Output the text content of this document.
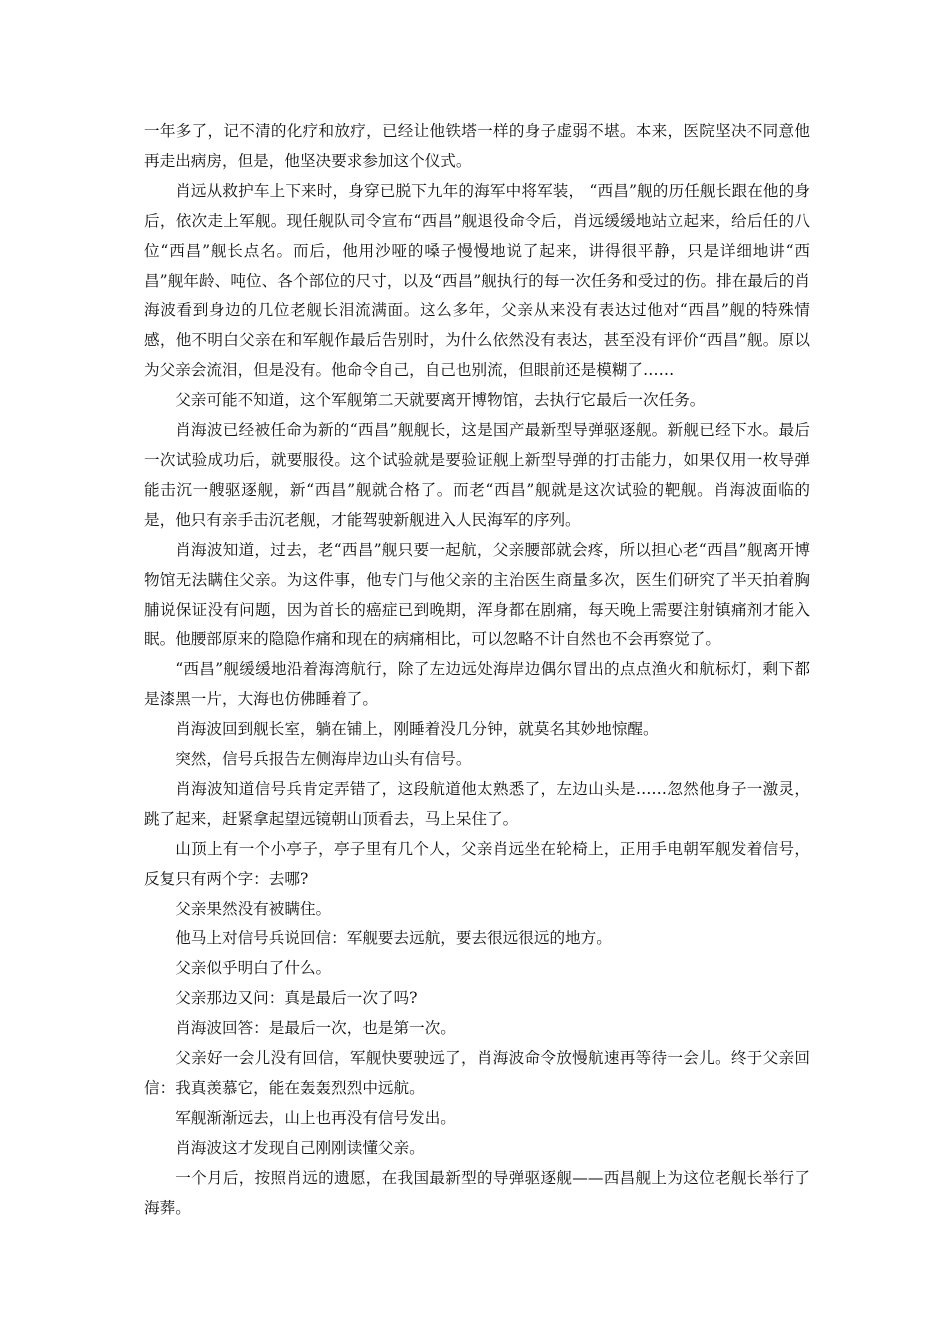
一年多了，记不清的化疗和放疗，已经让他铁塔一样的身子虚弱不堪。本来，医院坚决不同意他再走出病房，但是，他坚决要求参加这个仪式。

肖远从救护车上下来时，身穿已脱下九年的海军中将军装， “西昌”舰的历任舰长跟在他的身后，依次走上军舰。现任舰队司令宣布“西昌”舰退役命令后，肖远缓缓地站立起来，给后任的八位“西昌”舰长点名。而后，他用沙哑的嗓子慢慢地说了起来，讲得很平静，只是详细地讲“西昌”舰年龄、吨位、各个部位的尺寸，以及“西昌”舰执行的每一次任务和受过的伤。排在最后的肖海波看到身边的几位老舰长泪流满面。这么多年，父亲从来没有表达过他对“西昌”舰的特殊情感，他不明白父亲在和军舰作最后告别时，为什么依然没有表达，甚至没有评价“西昌”舰。原以为父亲会流泪，但是没有。他命令自己，自己也别流，但眼前还是模糊了……

父亲可能不知道，这个军舰第二天就要离开博物馆，去执行它最后一次任务。

肖海波已经被任命为新的“西昌”舰舰长，这是国产最新型导弹驱逐舰。新舰已经下水。最后一次试验成功后，就要服役。这个试验就是要验证舰上新型导弹的打击能力，如果仅用一枚导弹能击沉一艘驱逐舰，新“西昌”舰就合格了。而老“西昌”舰就是这次试验的靶舰。肖海波面临的是，他只有亲手击沉老舰，才能驾驶新舰进入人民海军的序列。

肖海波知道，过去，老“西昌”舰只要一起航，父亲腰部就会疼，所以担心老“西昌”舰离开博物馆无法瞒住父亲。为这件事，他专门与他父亲的主治医生商量多次，医生们研究了半天拍着胸脯说保证没有问题，因为首长的癌症已到晚期，浑身都在剧痛，每天晚上需要注射镇痛剂才能入眠。他腰部原来的隐隐作痛和现在的病痛相比，可以忽略不计自然也不会再察觉了。

“西昌”舰缓缓地沿着海湾航行，除了左边远处海岸边偶尔冒出的点点渔火和航标灯，剩下都是漆黑一片，大海也仿佛睡着了。

肖海波回到舰长室，躺在铺上，刚睡着没几分钟，就莫名其妙地惊醒。

突然，信号兵报告左侧海岸边山头有信号。

肖海波知道信号兵肯定弄错了，这段航道他太熟悉了，左边山头是……忽然他身子一激灵，跳了起来，赶紧拿起望远镜朝山顶看去，马上呆住了。

山顶上有一个小亭子，亭子里有几个人，父亲肖远坐在轮椅上，正用手电朝军舰发着信号，反复只有两个字：去哪?

父亲果然没有被瞒住。

他马上对信号兵说回信：军舰要去远航，要去很远很远的地方。

父亲似乎明白了什么。

父亲那边又问：真是最后一次了吗?

肖海波回答：是最后一次，也是第一次。

父亲好一会儿没有回信，军舰快要驶远了，肖海波命令放慢航速再等待一会儿。终于父亲回信：我真羡慕它，能在轰轰烈烈中远航。

军舰渐渐远去，山上也再没有信号发出。

肖海波这才发现自己刚刚读懂父亲。

一个月后，按照肖远的遗愿，在我国最新型的导弹驱逐舰——西昌舰上为这位老舰长举行了海葬。
